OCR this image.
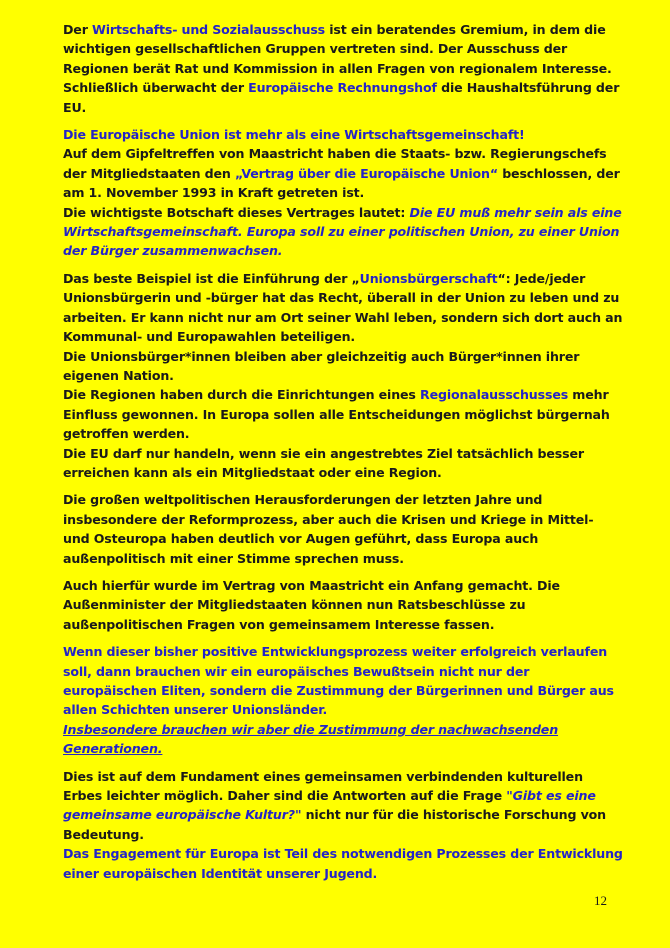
Der Wirtschafts- und Sozialausschuss ist ein beratendes Gremium, in dem die wichtigen gesellschaftlichen Gruppen vertreten sind. Der Ausschuss der Regionen berät Rat und Kommission in allen Fragen von regionalem Interesse. Schließlich überwacht der Europäische Rechnungshof die Haushaltsführung der EU.

Die Europäische Union ist mehr als eine Wirtschaftsgemeinschaft!
Auf dem Gipfeltreffen von Maastricht haben die Staats- bzw. Regierungschefs der Mitgliedstaaten den „Vertrag über die Europäische Union“ beschlossen, der am 1. November 1993 in Kraft getreten ist.
Die wichtigste Botschaft dieses Vertrages lautet: Die EU muß mehr sein als eine Wirtschaftsgemeinschaft. Europa soll zu einer politischen Union, zu einer Union der Bürger zusammenwachsen.

Das beste Beispiel ist die Einführung der „Unionsbürgerschaft“: Jede/jeder Unionsbürgerin und -bürger hat das Recht, überall in der Union zu leben und zu arbeiten. Er kann nicht nur am Ort seiner Wahl leben, sondern sich dort auch an Kommunal- und Europawahlen beteiligen.
Die Unionsbürger*innen bleiben aber gleichzeitig auch Bürger*innen ihrer eigenen Nation.
Die Regionen haben durch die Einrichtungen eines Regionalausschusses mehr Einfluss gewonnen. In Europa sollen alle Entscheidungen möglichst bürgernah getroffen werden.
Die EU darf nur handeln, wenn sie ein angestrebtes Ziel tatsächlich besser erreichen kann als ein Mitgliedstaat oder eine Region.

Die großen weltpolitischen Herausforderungen der letzten Jahre und insbesondere der Reformprozess, aber auch die Krisen und Kriege in Mittel- und Osteuropa haben deutlich vor Augen geführt, dass Europa auch außenpolitisch mit einer Stimme sprechen muss.

Auch hierfür wurde im Vertrag von Maastricht ein Anfang gemacht. Die Außenminister der Mitgliedstaaten können nun Ratsbeschlüsse zu außenpolitischen Fragen von gemeinsamem Interesse fassen.

Wenn dieser bisher positive Entwicklungsprozess weiter erfolgreich verlaufen soll, dann brauchen wir ein europäisches Bewußtsein nicht nur der europäischen Eliten, sondern die Zustimmung der Bürgerinnen und Bürger aus allen Schichten unserer Unionsländer.
Insbesondere brauchen wir aber die Zustimmung der nachwachsenden Generationen.

Dies ist auf dem Fundament eines gemeinsamen verbindenden kulturellen Erbes leichter möglich. Daher sind die Antworten auf die Frage "Gibt es eine gemeinsame europäische Kultur?" nicht nur für die historische Forschung von Bedeutung.
Das Engagement für Europa ist Teil des notwendigen Prozesses der Entwicklung einer europäischen Identität unserer Jugend.

12
